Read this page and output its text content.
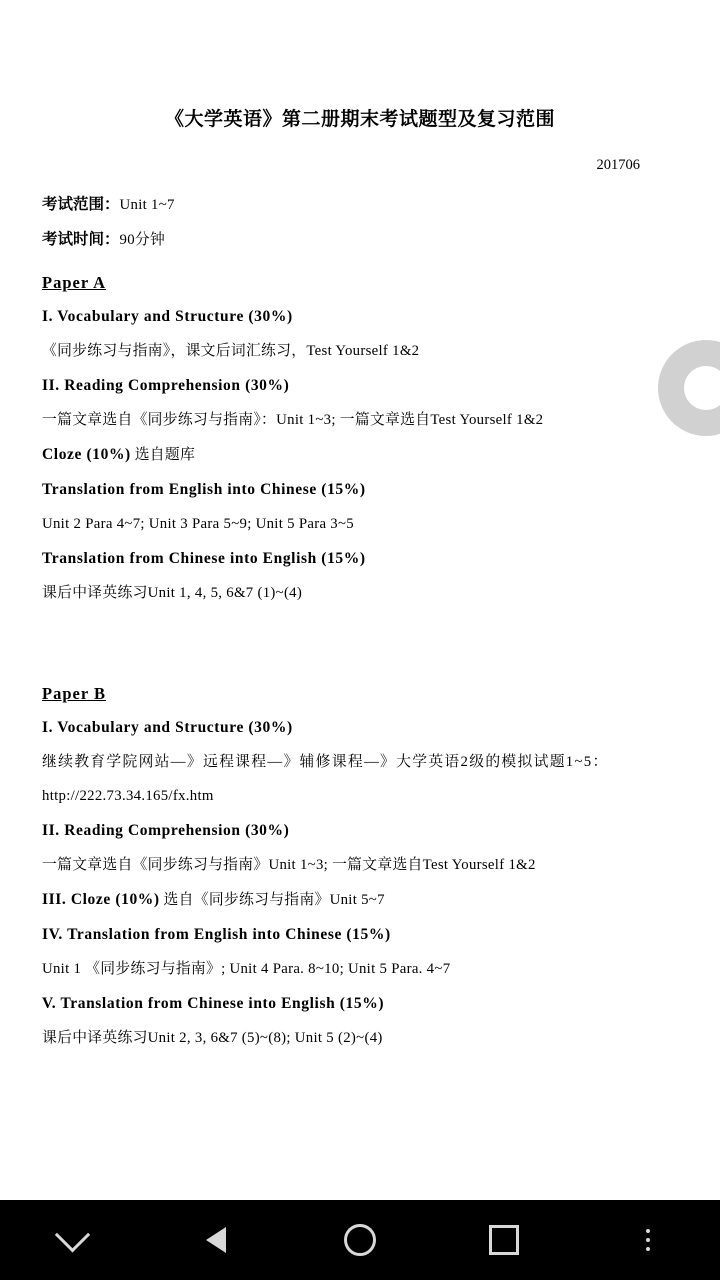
《大学英语》第二册期末考试题型及复习范围
201706
考试范围：Unit 1~7
考试时间：90分钟
Paper A
I. Vocabulary and Structure (30%)
《同步练习与指南》，课文后词汇练习，Test Yourself 1&2
II. Reading Comprehension (30%)
一篇文章选自《同步练习与指南》：Unit 1~3; 一篇文章选自Test Yourself 1&2
Cloze (10%) 选自题库
Translation from English into Chinese (15%)
Unit 2 Para 4~7; Unit 3 Para 5~9; Unit 5 Para 3~5
Translation from Chinese into English (15%)
课后中译英练习Unit 1, 4, 5, 6&7 (1)~(4)
Paper B
I. Vocabulary and Structure (30%)
继续教育学院网站—》远程课程—》辅修课程—》大学英语2级的模拟试题1~5：
http://222.73.34.165/fx.htm
II. Reading Comprehension (30%)
一篇文章选自《同步练习与指南》Unit 1~3; 一篇文章选自Test Yourself 1&2
III. Cloze (10%) 选自《同步练习与指南》Unit 5~7
IV. Translation from English into Chinese (15%)
Unit 1 《同步练习与指南》; Unit 4 Para. 8~10; Unit 5 Para. 4~7
V. Translation from Chinese into English (15%)
课后中译英练习Unit 2, 3, 6&7 (5)~(8); Unit 5 (2)~(4)
